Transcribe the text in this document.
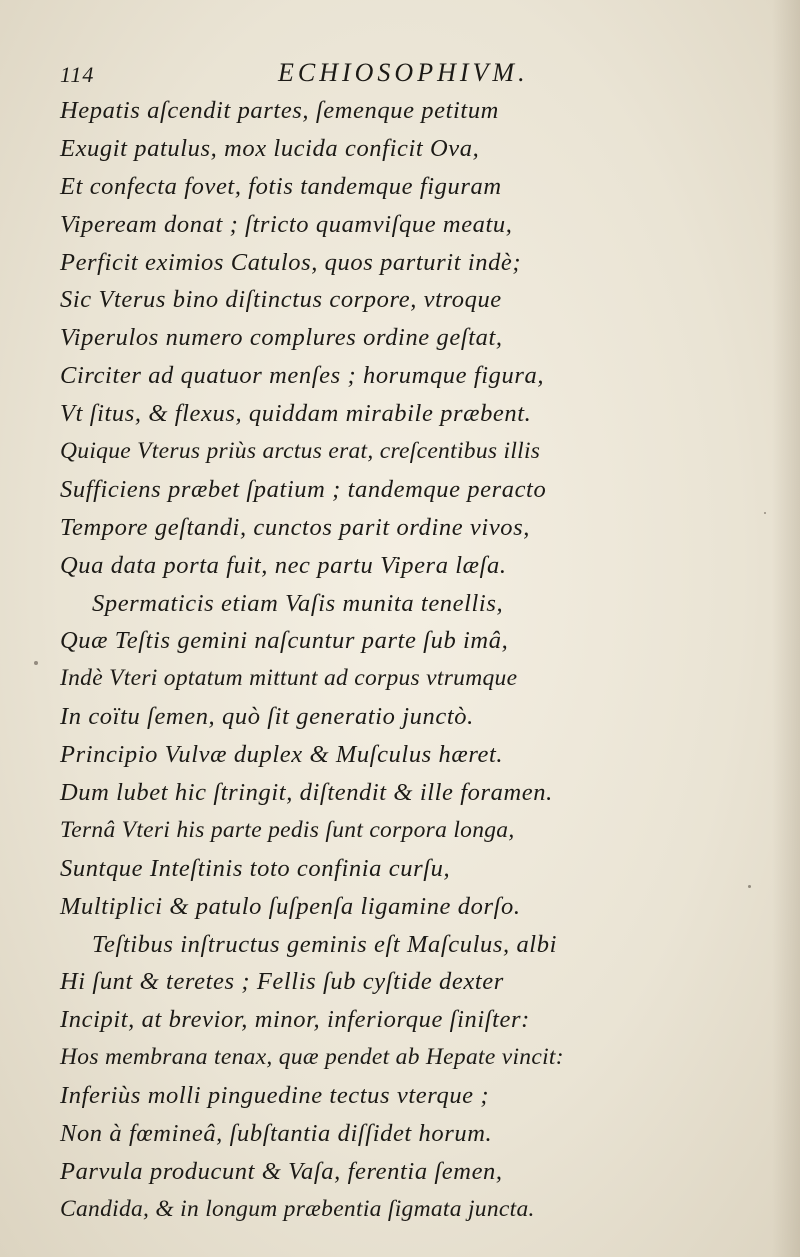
114	ECHIOSOPHIVM.
Hepatis aſcendit partes, ſemenque petitum
Exugit patulus, mox lucida conficit Ova,
Et confecta fovet, fotis tandemque figuram
Vipeream donat ; ſtricto quamviſque meatu,
Perficit eximios Catulos, quos parturit indè;
Sic Vterus bino diſtinctus corpore, vtroque
Viperulos numero complures ordine geſtat,
Circiter ad quatuor menſes ; horumque figura,
Vt ſitus, & flexus, quiddam mirabile præbent.
Quique Vterus priùs arctus erat, creſcentibus illis
Sufficiens præbet ſpatium ; tandemque peracto
Tempore geſtandi, cunctos parit ordine vivos,
Qua data porta fuit, nec partu Vipera læſa.
Spermaticis etiam Vaſis munita tenellis,
Quæ Teſtis gemini naſcuntur parte ſub imâ,
Indè Vteri optatum mittunt ad corpus vtrumque
In coïtu ſemen, quò ſit generatio junctò.
Principio Vulvæ duplex & Muſculus hæret.
Dum lubet hic ſtringit, diſtendit & ille foramen.
Ternâ Vteri his parte pedis ſunt corpora longa,
Suntque Inteſtinis toto confinia curſu,
Multiplici & patulo ſuſpenſa ligamine dorſo.
Teſtibus inſtructus geminis eſt Maſculus, albi
Hi ſunt & teretes ; Fellis ſub cyſtide dexter
Incipit, at brevior, minor, inferiorque ſiniſter:
Hos membrana tenax, quæ pendet ab Hepate vincit:
Inferiùs molli pinguedine tectus vterque ;
Non à fœmineâ, ſubſtantia diſſidet horum.
Parvula producunt & Vaſa, ferentia ſemen,
Candida, & in longum præbentia ſigmata juncta.
